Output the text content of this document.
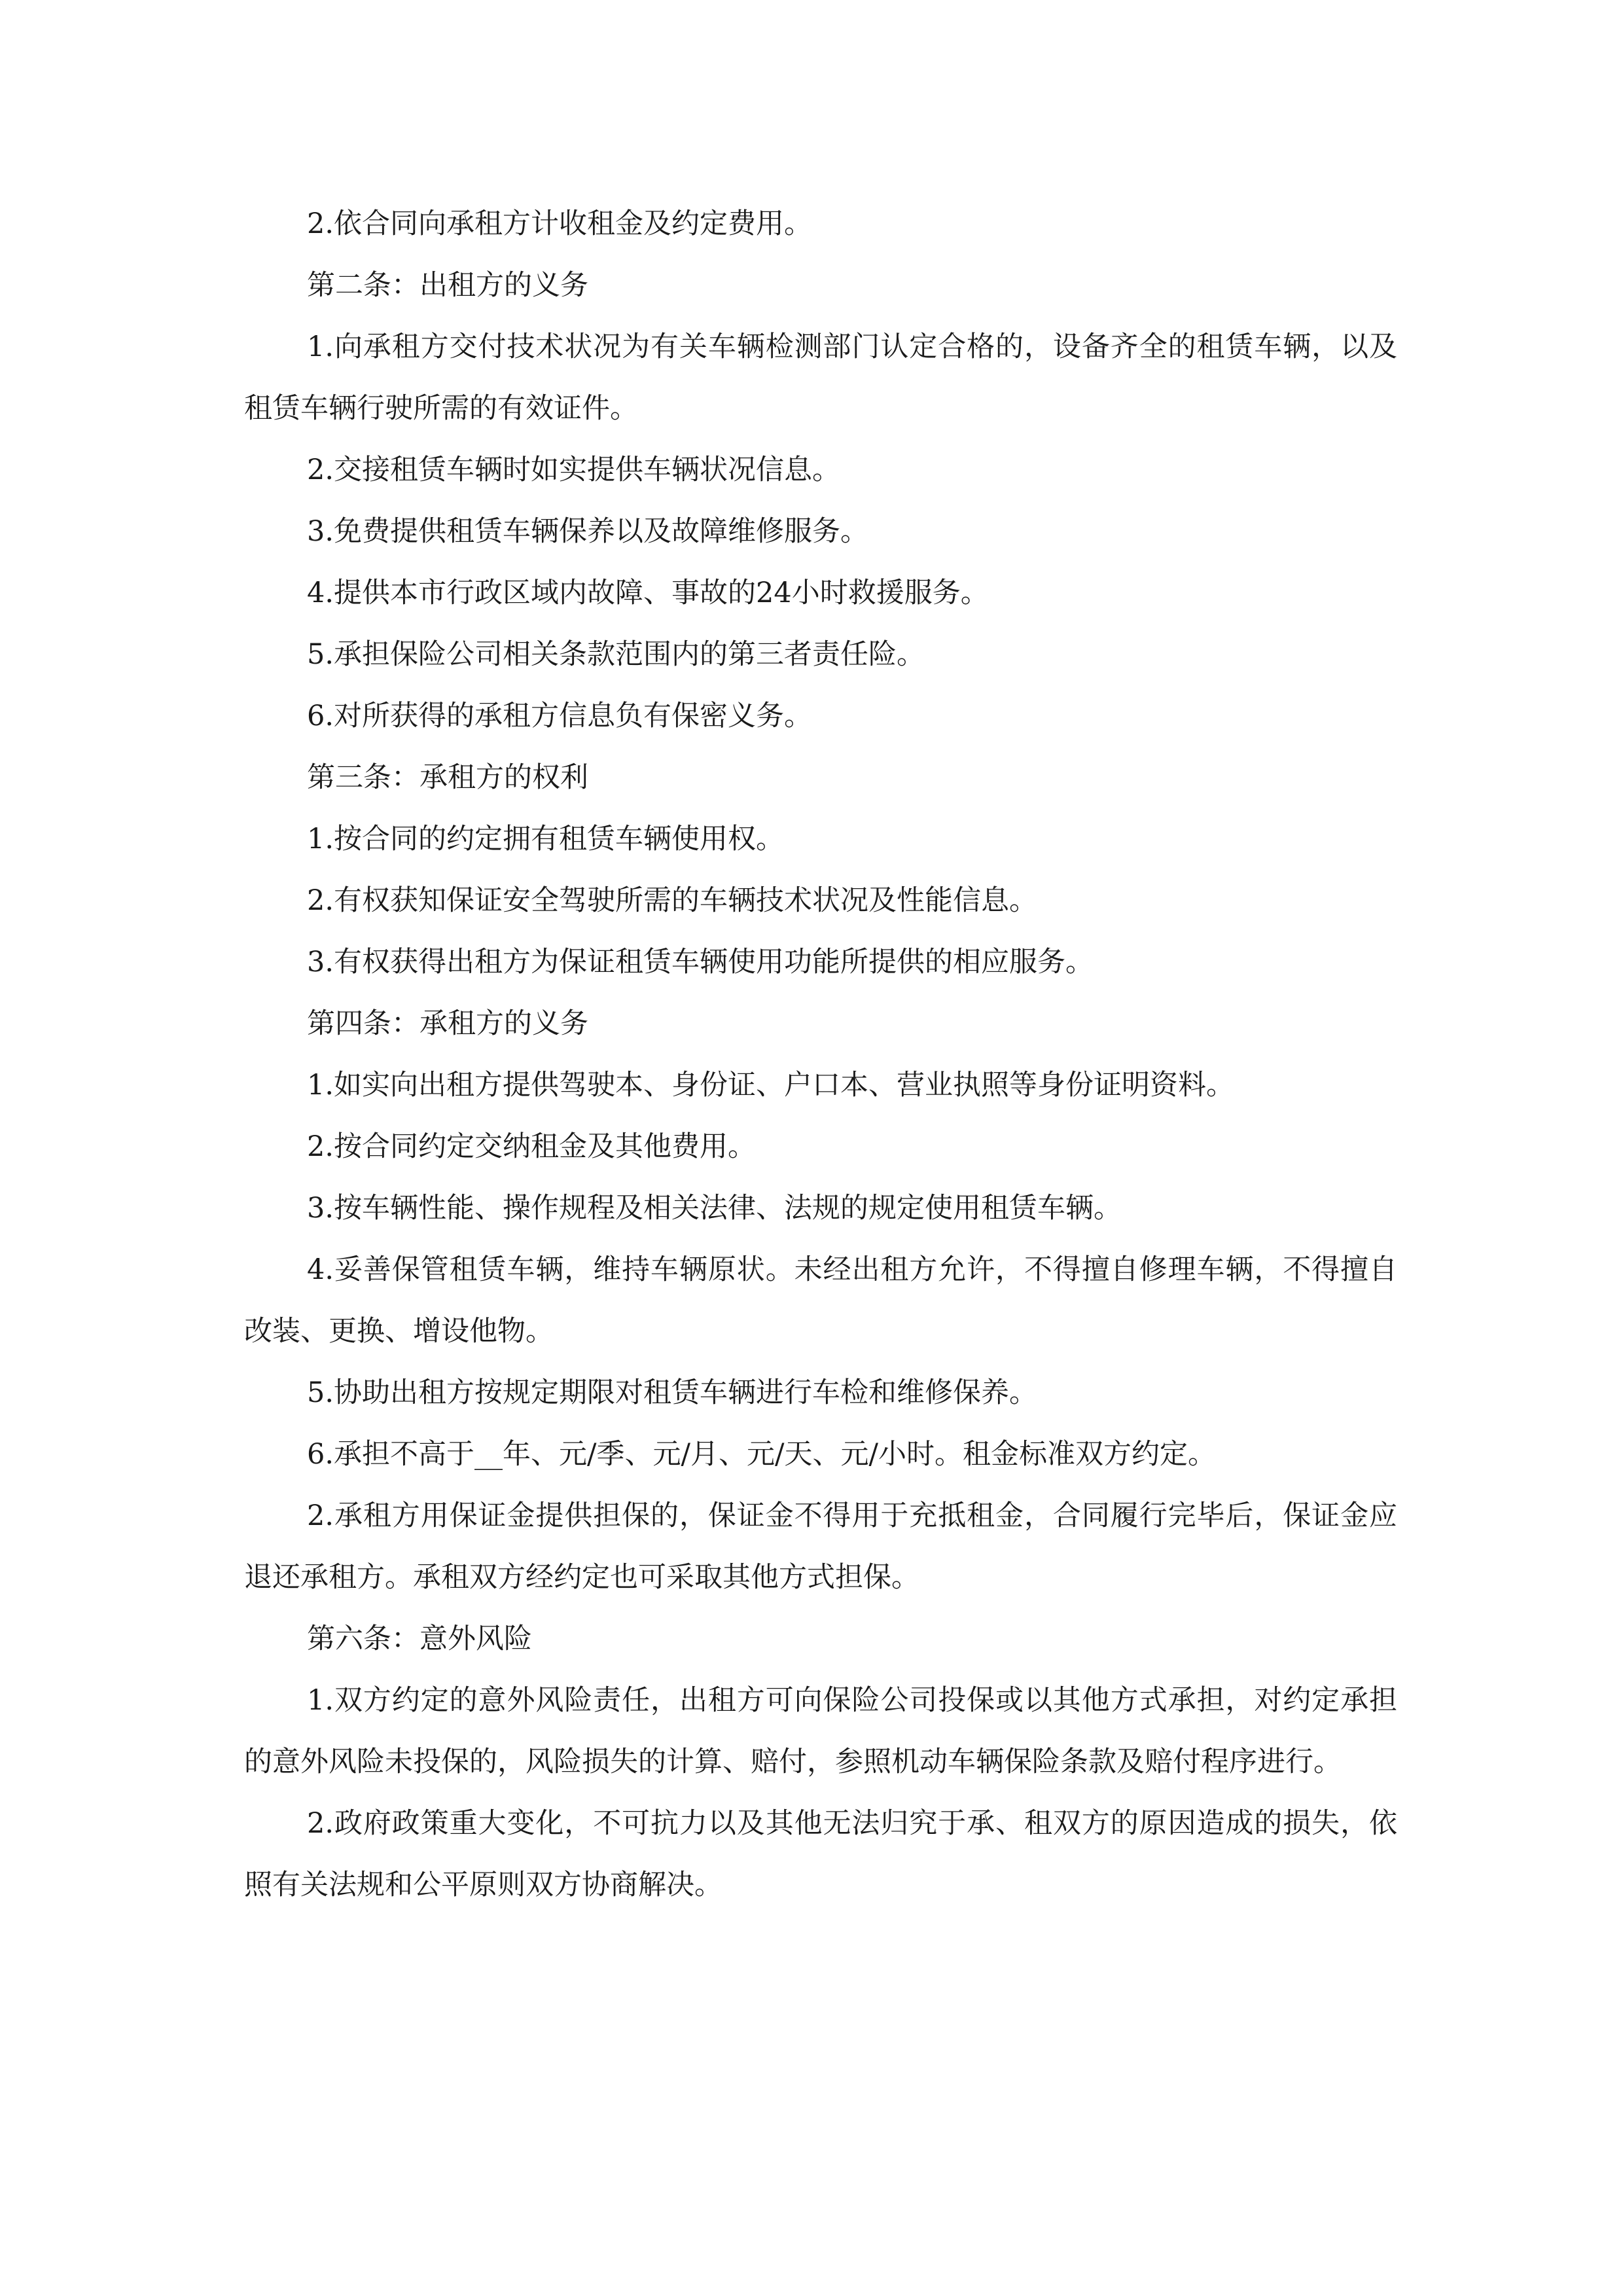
2.依合同向承租方计收租金及约定费用。

第二条：出租方的义务

1.向承租方交付技术状况为有关车辆检测部门认定合格的，设备齐全的租赁车辆，以及租赁车辆行驶所需的有效证件。

2.交接租赁车辆时如实提供车辆状况信息。

3.免费提供租赁车辆保养以及故障维修服务。

4.提供本市行政区域内故障、事故的24小时救援服务。

5.承担保险公司相关条款范围内的第三者责任险。

6.对所获得的承租方信息负有保密义务。

第三条：承租方的权利

1.按合同的约定拥有租赁车辆使用权。

2.有权获知保证安全驾驶所需的车辆技术状况及性能信息。

3.有权获得出租方为保证租赁车辆使用功能所提供的相应服务。

第四条：承租方的义务

1.如实向出租方提供驾驶本、身份证、户口本、营业执照等身份证明资料。

2.按合同约定交纳租金及其他费用。

3.按车辆性能、操作规程及相关法律、法规的规定使用租赁车辆。

4.妥善保管租赁车辆，维持车辆原状。未经出租方允许，不得擅自修理车辆，不得擅自改装、更换、增设他物。

5.协助出租方按规定期限对租赁车辆进行车检和维修保养。

6.承担不高于__年、元/季、元/月、元/天、元/小时。租金标准双方约定。

2.承租方用保证金提供担保的，保证金不得用于充抵租金，合同履行完毕后，保证金应退还承租方。承租双方经约定也可采取其他方式担保。

第六条：意外风险

1.双方约定的意外风险责任，出租方可向保险公司投保或以其他方式承担，对约定承担的意外风险未投保的，风险损失的计算、赔付，参照机动车辆保险条款及赔付程序进行。

2.政府政策重大变化，不可抗力以及其他无法归究于承、租双方的原因造成的损失，依照有关法规和公平原则双方协商解决。
